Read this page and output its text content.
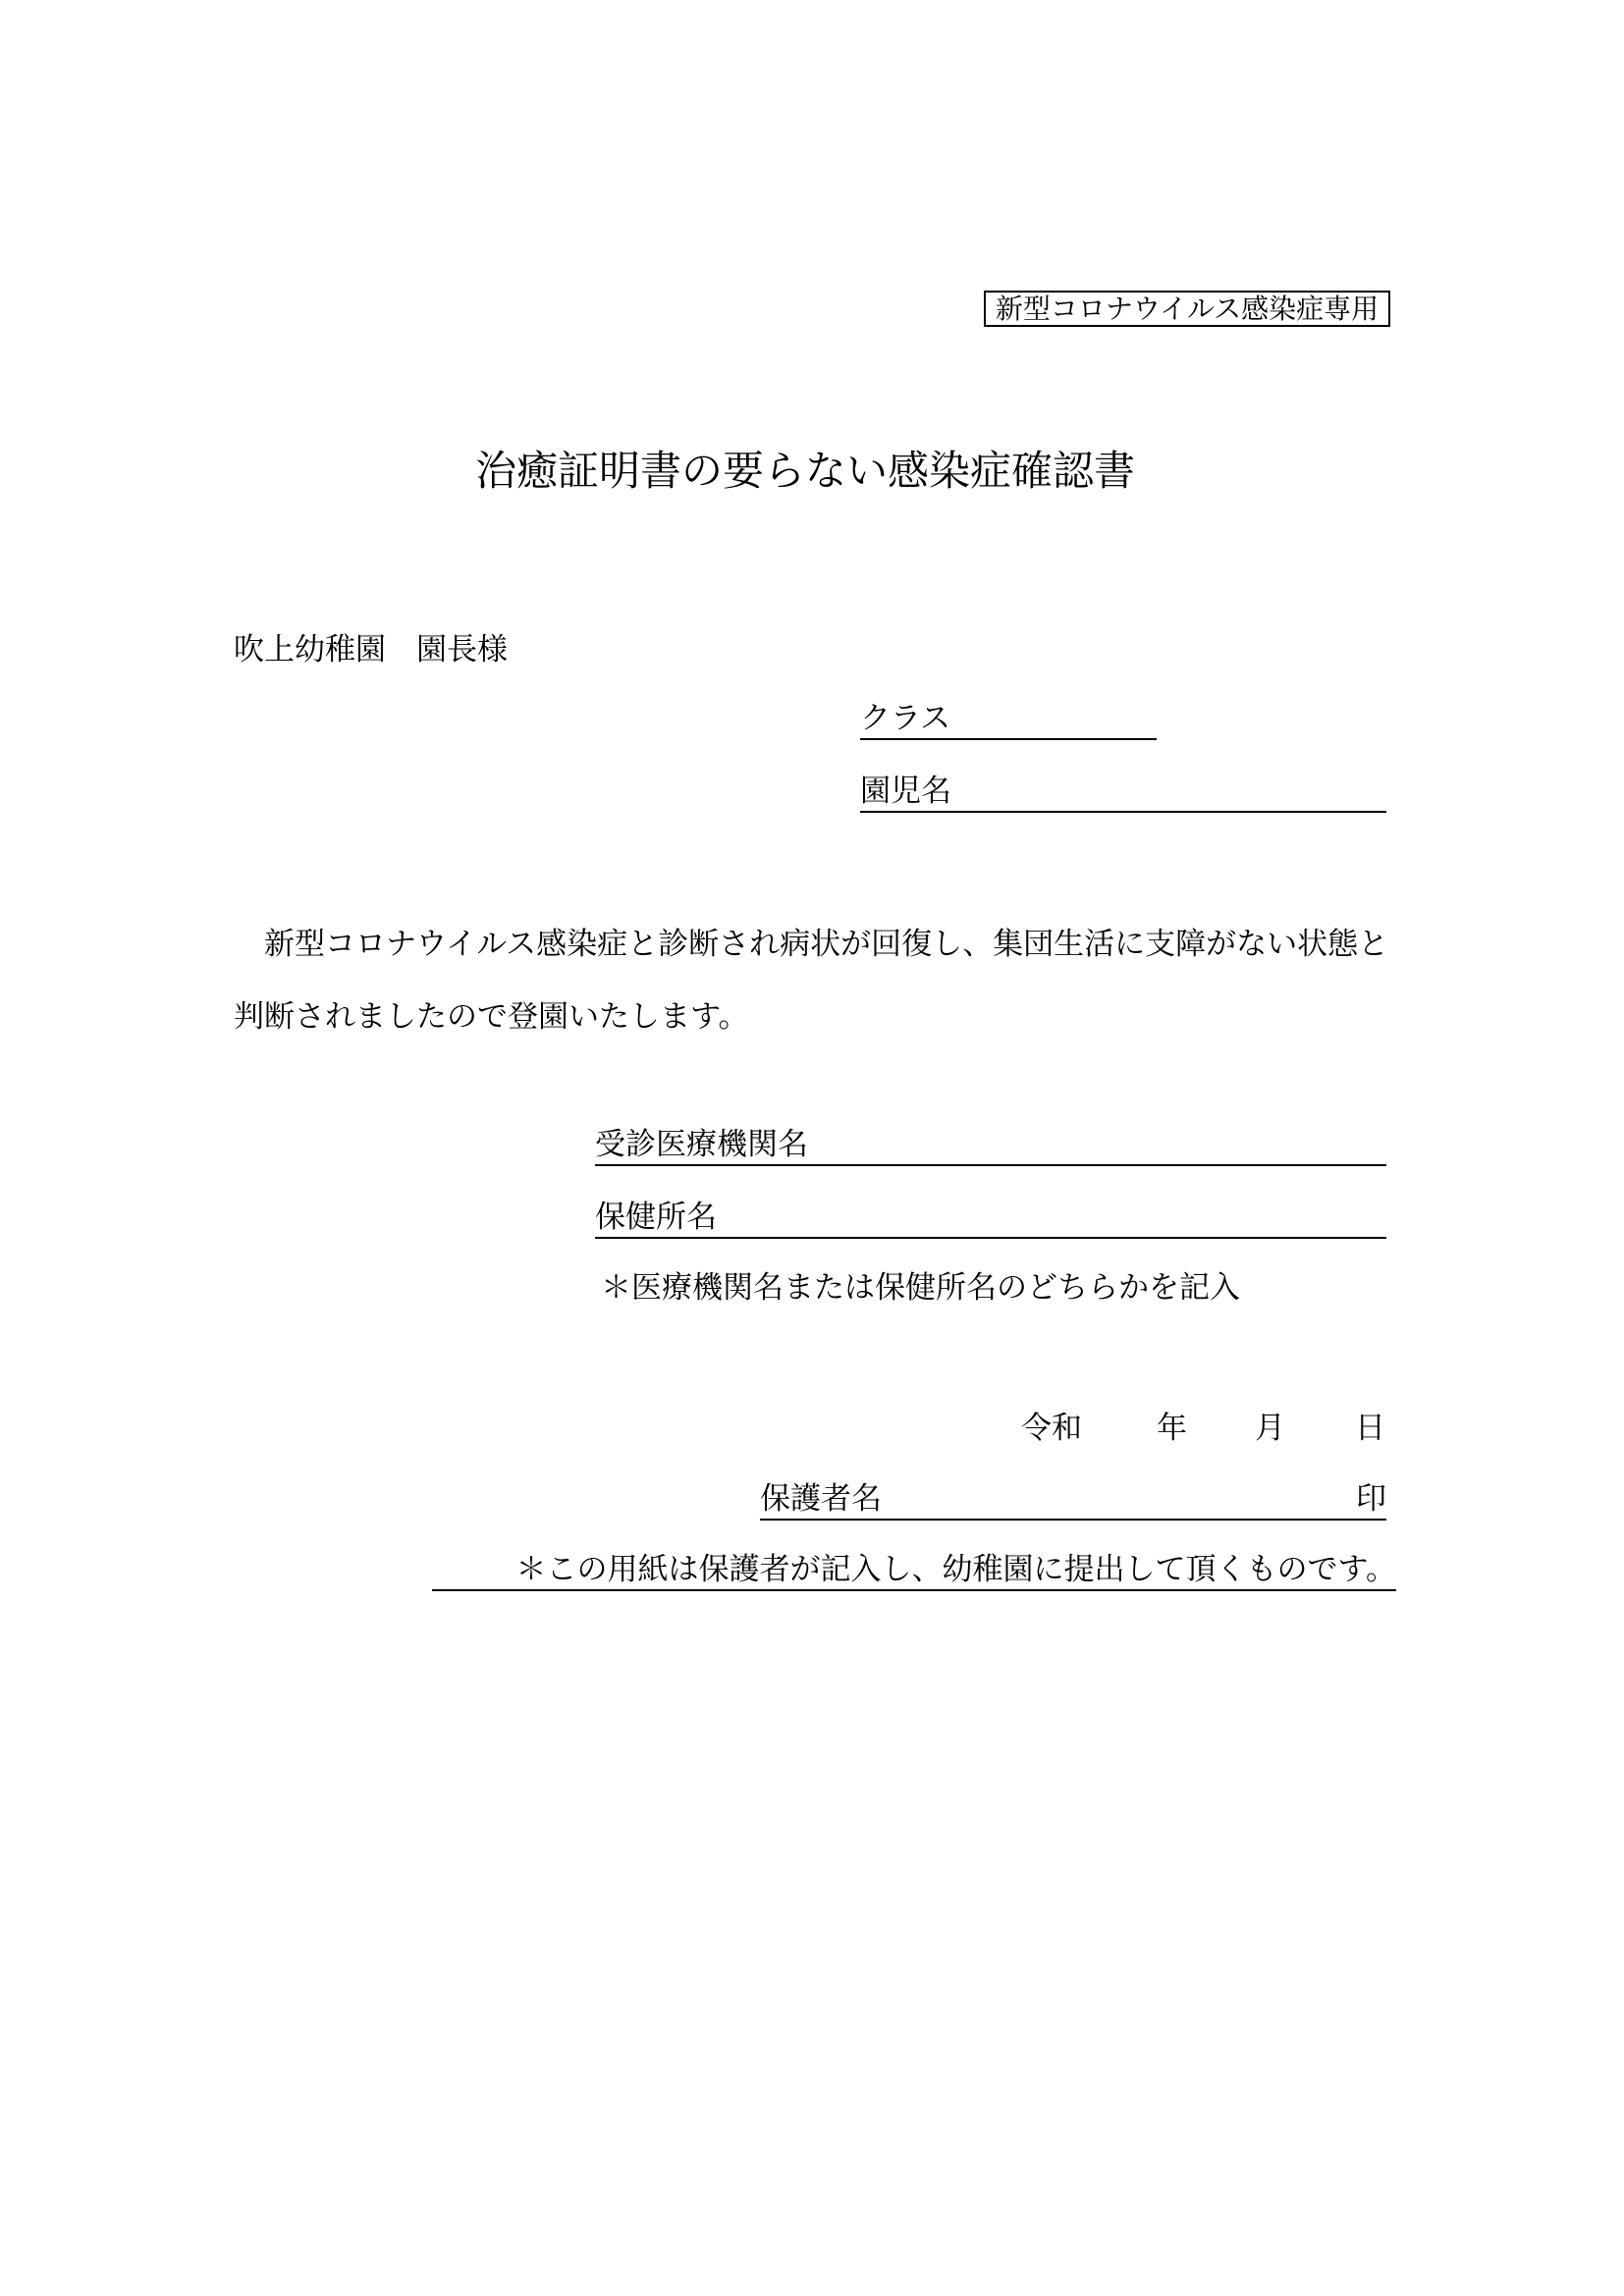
新型コロナウイルス感染症専用
治癒証明書の要らない感染症確認書
吹上幼稚園　園長様
クラス
園児名
新型コロナウイルス感染症と診断され病状が回復し、集団生活に支障がない状態と判断されましたので登園いたします。
受診医療機関名
保健所名
＊医療機関名または保健所名のどちらかを記入
令和 年 月 日
保護者名	印
＊この用紙は保護者が記入し、幼稚園に提出して頂くものです。
